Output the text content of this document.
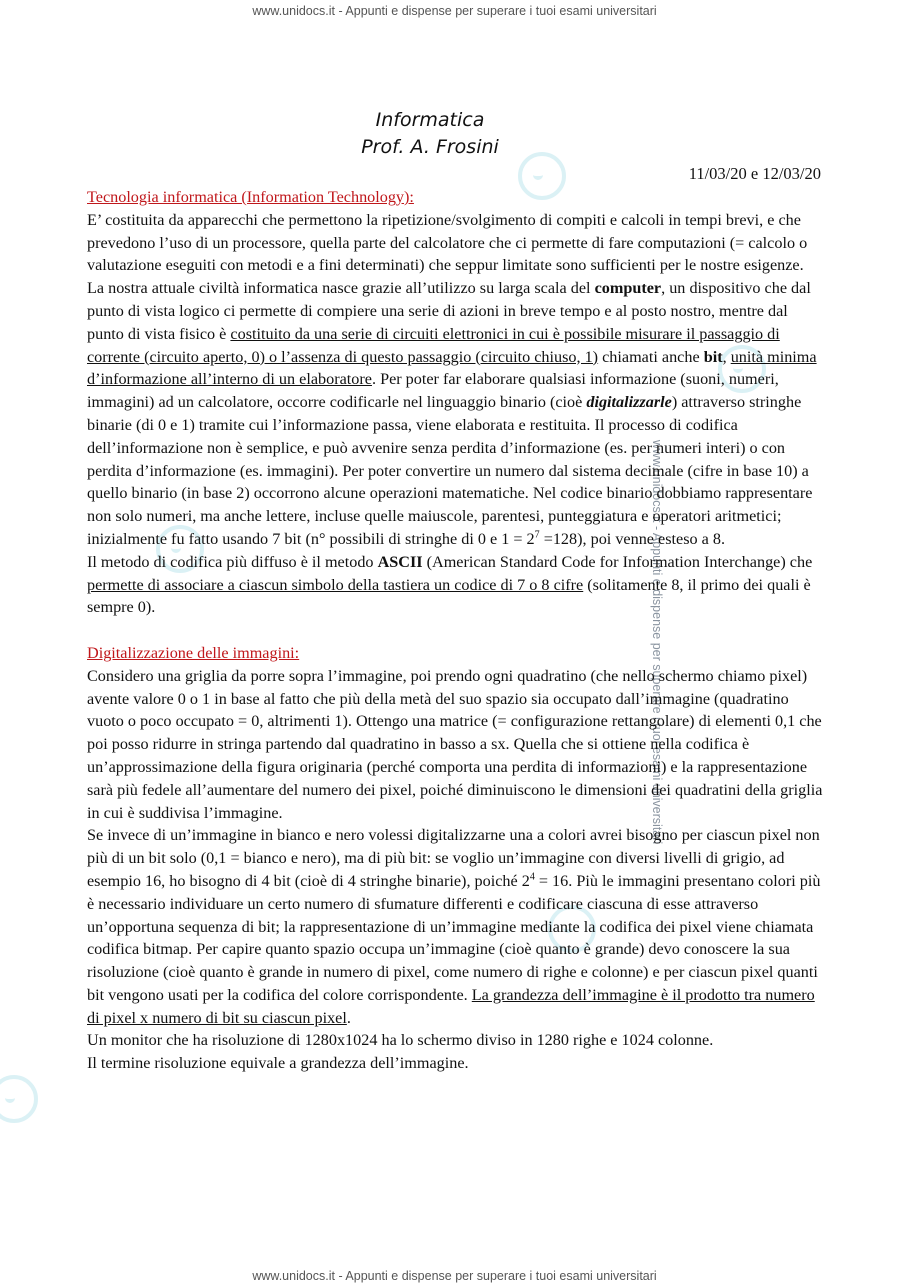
www.unidocs.it - Appunti e dispense per superare i tuoi esami universitari
www.unidocs.it - Appunti e dispense per superare i tuoi esami universitari
Informatica
Prof. A. Frosini
11/03/20 e 12/03/20
Tecnologia informatica (Information Technology):

E’ costituita da apparecchi che permettono la ripetizione/svolgimento di compiti e calcoli in tempi brevi, e che prevedono l’uso di un processore, quella parte del calcolatore che ci permette di fare computazioni (= calcolo o valutazione eseguiti con metodi e a fini determinati) che seppur limitate sono sufficienti per le nostre esigenze. La nostra attuale civiltà informatica nasce grazie all’utilizzo su larga scala del computer, un dispositivo che dal punto di vista logico ci permette di compiere una serie di azioni in breve tempo e al posto nostro, mentre dal punto di vista fisico è costituito da una serie di circuiti elettronici in cui è possibile misurare il passaggio di corrente (circuito aperto, 0) o l’assenza di questo passaggio (circuito chiuso, 1) chiamati anche bit, unità minima d’informazione all’interno di un elaboratore. Per poter far elaborare qualsiasi informazione (suoni, numeri, immagini) ad un calcolatore, occorre codificarle nel linguaggio binario (cioè digitalizzarle) attraverso stringhe binarie (di 0 e 1) tramite cui l’informazione passa, viene elaborata e restituita. Il processo di codifica dell’informazione non è semplice, e può avvenire senza perdita d’informazione (es. per numeri interi) o con perdita d’informazione (es. immagini). Per poter convertire un numero dal sistema decimale (cifre in base 10) a quello binario (in base 2) occorrono alcune operazioni matematiche. Nel codice binario dobbiamo rappresentare non solo numeri, ma anche lettere, incluse quelle maiuscole, parentesi, punteggiatura e operatori aritmetici; inizialmente fu fatto usando 7 bit (n° possibili di stringhe di 0 e $1 = 2^7 =128$), poi venne esteso a 8.

Il metodo di codifica più diffuso è il metodo ASCII (American Standard Code for Information Interchange) che permette di associare a ciascun simbolo della tastiera un codice di 7 o 8 cifre (solitamente 8, il primo dei quali è sempre 0).

Digitalizzazione delle immagini:

Considero una griglia da porre sopra l’immagine, poi prendo ogni quadratino (che nello schermo chiamo pixel) avente valore 0 o 1 in base al fatto che più della metà del suo spazio sia occupato dall’immagine (quadratino vuoto o poco occupato = 0, altrimenti 1). Ottengo una matrice (= configurazione rettangolare) di elementi 0,1 che poi posso ridurre in stringa partendo dal quadratino in basso a sx. Quella che si ottiene nella codifica è un’approssimazione della figura originaria (perché comporta una perdita di informazioni) e la rappresentazione sarà più fedele all’aumentare del numero dei pixel, poiché diminuiscono le dimensioni dei quadratini della griglia in cui è suddivisa l’immagine.

Se invece di un’immagine in bianco e nero volessi digitalizzarne una a colori avrei bisogno per ciascun pixel non più di un bit solo (0,1 = bianco e nero), ma di più bit: se voglio un’immagine con diversi livelli di grigio, ad esempio 16, ho bisogno di 4 bit (cioè di 4 stringhe binarie), poiché $2^4 = 16$. Più le immagini presentano colori più è necessario individuare un certo numero di sfumature differenti e codificare ciascuna di esse attraverso un’opportuna sequenza di bit; la rappresentazione di un’immagine mediante la codifica dei pixel viene chiamata codifica bitmap. Per capire quanto spazio occupa un’immagine (cioè quanto è grande) devo conoscere la sua risoluzione (cioè quanto è grande in numero di pixel, come numero di righe e colonne) e per ciascun pixel quanti bit vengono usati per la codifica del colore corrispondente. La grandezza dell’immagine è il prodotto tra numero di pixel x numero di bit su ciascun pixel.

Un monitor che ha risoluzione di 1280x1024 ha lo schermo diviso in 1280 righe e 1024 colonne.

Il termine risoluzione equivale a grandezza dell’immagine.

www.unidocs.it - Appunti e dispense per superare i tuoi esami universitari
